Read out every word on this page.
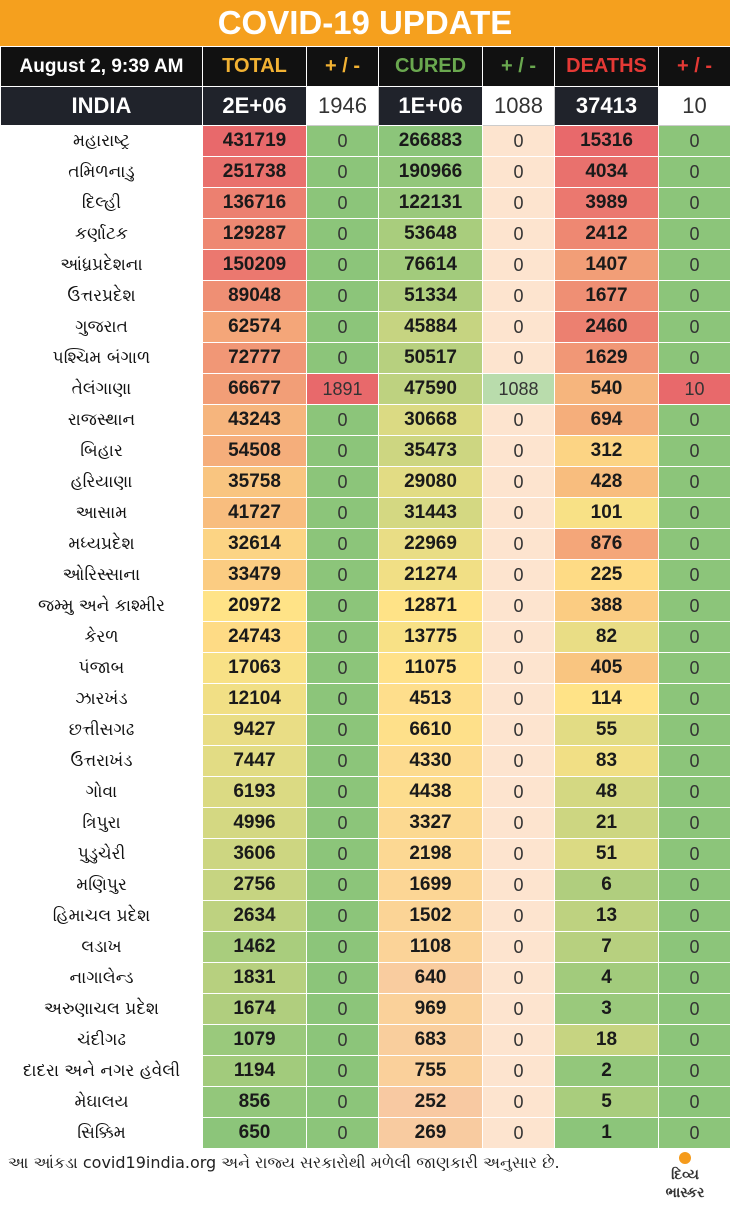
COVID-19 UPDATE
August 2, 9:39 AM	TOTAL	+ / -	CURED	+ / -	DEATHS	+ / -
INDIA	2E+06	1946	1E+06	1088	37413	10
મહારાષ્ટ્ર	431719	0	266883	0	15316	0
તમિળનાડુ	251738	0	190966	0	4034	0
દિલ્હી	136716	0	122131	0	3989	0
કર્ણાટક	129287	0	53648	0	2412	0
આંધ્રપ્રદેશના	150209	0	76614	0	1407	0
ઉત્તરપ્રદેશ	89048	0	51334	0	1677	0
ગુજરાત	62574	0	45884	0	2460	0
પશ્ચિમ બંગાળ	72777	0	50517	0	1629	0
તેલંગાણા	66677	1891	47590	1088	540	10
રાજસ્થાન	43243	0	30668	0	694	0
બિહાર	54508	0	35473	0	312	0
હરિયાણા	35758	0	29080	0	428	0
આસામ	41727	0	31443	0	101	0
મધ્યપ્રદેશ	32614	0	22969	0	876	0
ઓરિસ્સાના	33479	0	21274	0	225	0
જમ્મુ અને કાશ્મીર	20972	0	12871	0	388	0
કેરળ	24743	0	13775	0	82	0
પંજાબ	17063	0	11075	0	405	0
ઝારખંડ	12104	0	4513	0	114	0
છત્તીસગઢ	9427	0	6610	0	55	0
ઉત્તરાખંડ	7447	0	4330	0	83	0
ગોવા	6193	0	4438	0	48	0
ત્રિપુરા	4996	0	3327	0	21	0
પુડુચેરી	3606	0	2198	0	51	0
મણિપુર	2756	0	1699	0	6	0
હિમાચલ પ્રદેશ	2634	0	1502	0	13	0
લડાખ	1462	0	1108	0	7	0
નાગાલેન્ડ	1831	0	640	0	4	0
અરુણાચલ પ્રદેશ	1674	0	969	0	3	0
ચંદીગઢ	1079	0	683	0	18	0
દાદરા અને નગર હવેલી	1194	0	755	0	2	0
મેઘાલય	856	0	252	0	5	0
સિક્કિમ	650	0	269	0	1	0
આ આંકડા covid19india.org અને રાજ્ય સરકારોથી મળેલી જાણકારી અનુસાર છે.
દિવ્ય
ભાસ્કર
